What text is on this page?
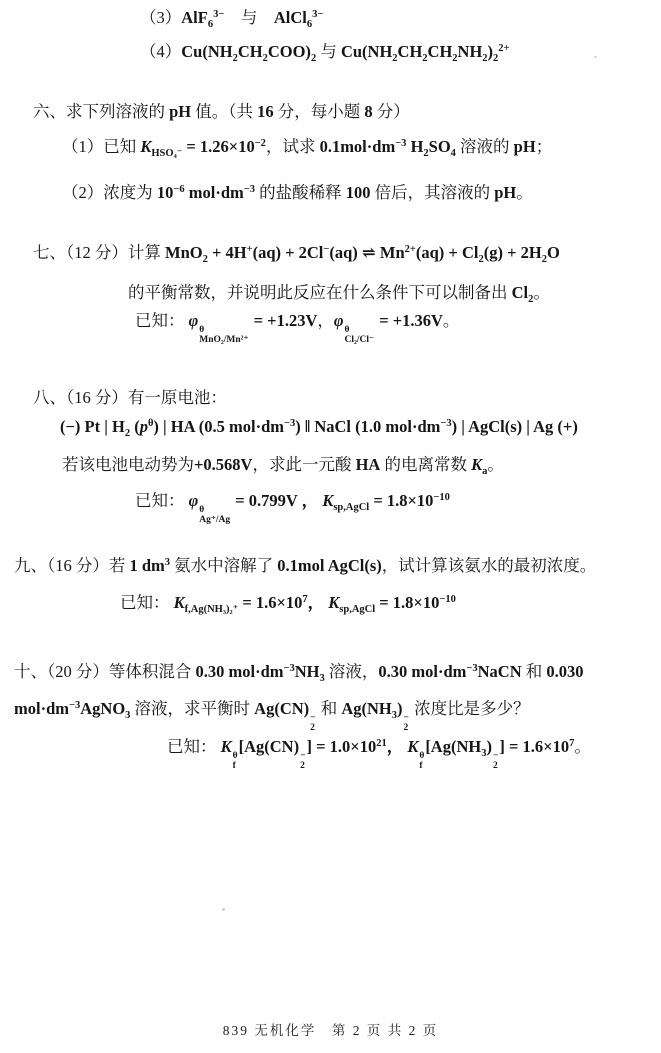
（3）AlF$_6^{3-}$　与　AlCl$_6^{3-}$
$(4)Cu(NH_2CH_2COO)_2$ 与 $Cu(NH_2CH_2CH_2NH_2)_2^{2+}$
六、求下列溶液的 pH 值。（共 16 分，每小题 8 分）
（1）已知 $K_{HSO_4^-} = 1.26\times 10^{-2}$，试求 $0.1mol\cdot dm^{-3}$ $H_2SO_4$ 溶液的 pH；
（2）浓度为 $10^{-6}$ $mol\cdot dm^{-3}$ 的盐酸稀释 100 倍后，其溶液的 pH。
七、（12 分）计算 MnO$_2$ + 4H+(aq) + 2Cl−(aq) ⇌ $Mn^{2+}(aq) + Cl_2(g) + 2H_2O$
的平衡常数，并说明此反应在什么条件下可以制备出 $Cl_2$。
已知： φ θ
MnO₂/Mn²⁺
= +1.23V，φ θ
Cl₂/Cl⁻
= +1.36V。
八、（16 分）有一原电池：
(−) Pt | $H_2$ $(p^\theta)$ | HA (0.5 $mol\cdot dm^{-3}$) ‖ NaCl (1.0 $mol\cdot dm^{-3}$) | AgCl(s) | Ag (+)
若该电池电动势为+0.568V，求此一元酸 HA 的电离常数 $K_a$。
已知： φ θ
Ag⁺/Ag
= 0.799V ， $K_{sp,AgCl} = 1.8\times 10^{-10}$
九、（16 分）若 1 $dm^3$ 氨水中溶解了 0.1mol AgCl(s)，试计算该氨水的最初浓度。
已知： $K_{f,Ag(NH_3)_2^+} = 1.6\times 10^7$， $K_{sp,AgCl} = 1.8\times 10^{-10}$
十、（20 分）等体积混合 0.30 $mol\cdot dm^{-3}NH_3$ 溶液，0.30 $mol\cdot dm^{-3}NaCN$ 和 0.030
$mol\cdot dm^{-3}AgNO_3$ 溶液，求平衡时 Ag(CN) −
2
和 $Ag(NH_3)$ −
2
浓度比是多少？
已知： K θ
f
[Ag(CN) −
2
] = $1.0\times 10^{21}$， K θ
f
[$Ag(NH_3)$ −
2
] = $1.6\times 10^7$。
839 无机化学　第 2 页 共 2 页
